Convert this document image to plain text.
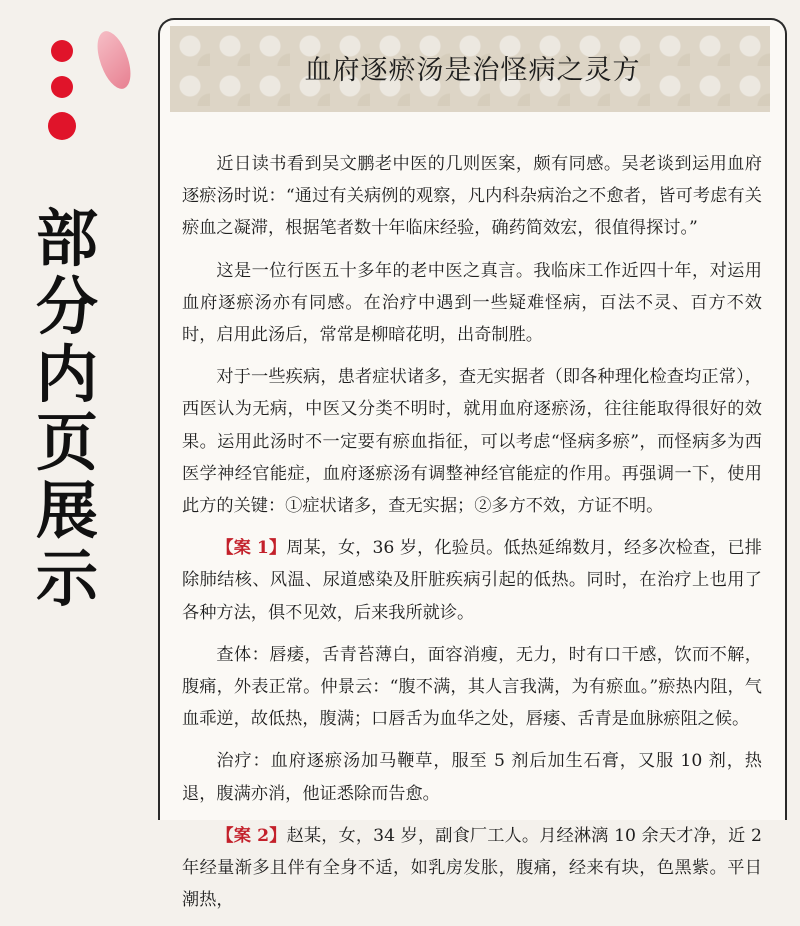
部
分
内
页
展
示
血府逐瘀汤是治怪病之灵方

近日读书看到吴文鹏老中医的几则医案，颇有同感。吴老谈到运用血府逐瘀汤时说：“通过有关病例的观察，凡内科杂病治之不愈者，皆可考虑有关瘀血之凝滞，根据笔者数十年临床经验，确药简效宏，很值得探讨。”

这是一位行医五十多年的老中医之真言。我临床工作近四十年，对运用血府逐瘀汤亦有同感。在治疗中遇到一些疑难怪病，百法不灵、百方不效时，启用此汤后，常常是柳暗花明，出奇制胜。

对于一些疾病，患者症状诸多，查无实据者（即各种理化检查均正常），西医认为无病，中医又分类不明时，就用血府逐瘀汤，往往能取得很好的效果。运用此汤时不一定要有瘀血指征，可以考虑“怪病多瘀”，而怪病多为西医学神经官能症，血府逐瘀汤有调整神经官能症的作用。再强调一下，使用此方的关键：①症状诸多，查无实据；②多方不效，方证不明。

【案 1】周某，女，36 岁，化验员。低热延绵数月，经多次检查，已排除肺结核、风温、尿道感染及肝脏疾病引起的低热。同时，在治疗上也用了各种方法，俱不见效，后来我所就诊。

查体：唇痿，舌青苔薄白，面容消瘦，无力，时有口干感，饮而不解，腹痛，外表正常。仲景云：“腹不满，其人言我满，为有瘀血。”瘀热内阻，气血乖逆，故低热，腹满；口唇舌为血华之处，唇痿、舌青是血脉瘀阻之候。

治疗：血府逐瘀汤加马鞭草，服至 5 剂后加生石膏，又服 10 剂，热退，腹满亦消，他证悉除而告愈。

【案 2】赵某，女，34 岁，副食厂工人。月经淋漓 10 余天才净，近 2 年经量渐多且伴有全身不适，如乳房发胀，腹痛，经来有块，色黑紫。平日潮热，
